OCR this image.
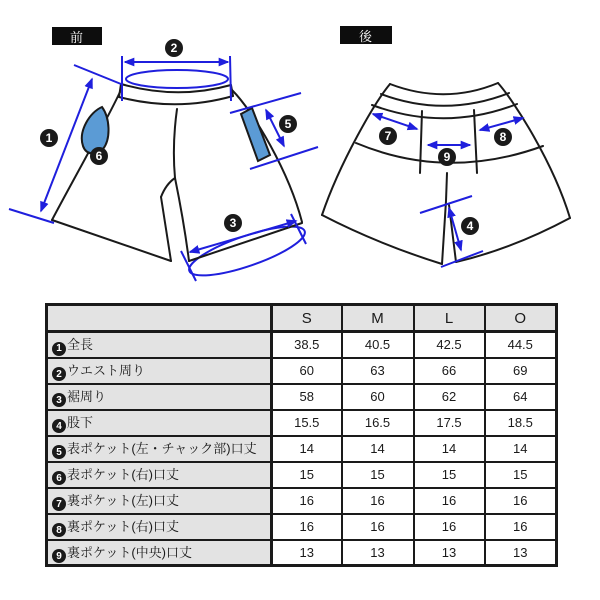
前	後
1
2
3
5
6
7	8
9
4
	S	M	L	O
1 全長	38.5	40.5	42.5	44.5
2 ウエスト周り	60	63	66	69
3 裾周り	58	60	62	64
4 股下	15.5	16.5	17.5	18.5
5 表ポケット(左・チャック部)口丈	14	14	14	14
6 表ポケット(右)口丈	15	15	15	15
7 裏ポケット(左)口丈	16	16	16	16
8 裏ポケット(右)口丈	16	16	16	16
9 裏ポケット(中央)口丈	13	13	13	13
